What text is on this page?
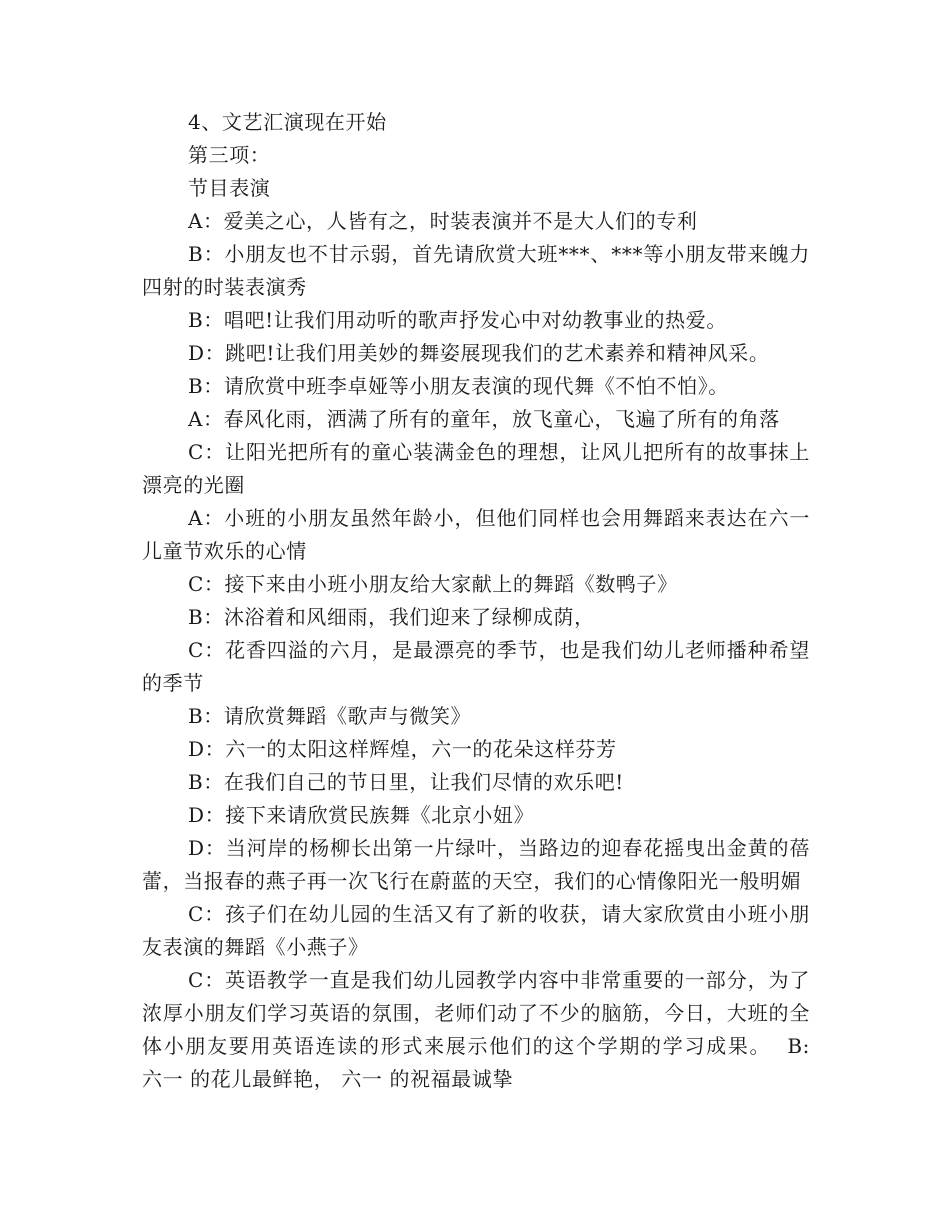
4、文艺汇演现在开始

第三项：

节目表演

A：爱美之心，人皆有之，时装表演并不是大人们的专利

B：小朋友也不甘示弱，首先请欣赏大班***、***等小朋友带来魄力四射的时装表演秀

B：唱吧!让我们用动听的歌声抒发心中对幼教事业的热爱。

D：跳吧!让我们用美妙的舞姿展现我们的艺术素养和精神风采。

B：请欣赏中班李卓娅等小朋友表演的现代舞《不怕不怕》。

A：春风化雨，洒满了所有的童年，放飞童心，飞遍了所有的角落

C：让阳光把所有的童心装满金色的理想，让风儿把所有的故事抹上漂亮的光圈

A：小班的小朋友虽然年龄小，但他们同样也会用舞蹈来表达在六一儿童节欢乐的心情

C：接下来由小班小朋友给大家献上的舞蹈《数鸭子》

B：沐浴着和风细雨，我们迎来了绿柳成荫，

C：花香四溢的六月，是最漂亮的季节，也是我们幼儿老师播种希望的季节

B：请欣赏舞蹈《歌声与微笑》

D：六一的太阳这样辉煌，六一的花朵这样芬芳

B：在我们自己的节日里，让我们尽情的欢乐吧!

D：接下来请欣赏民族舞《北京小妞》

D：当河岸的杨柳长出第一片绿叶，当路边的迎春花摇曳出金黄的蓓蕾，当报春的燕子再一次飞行在蔚蓝的天空，我们的心情像阳光一般明媚

C：孩子们在幼儿园的生活又有了新的收获，请大家欣赏由小班小朋友表演的舞蹈《小燕子》

C：英语教学一直是我们幼儿园教学内容中非常重要的一部分，为了浓厚小朋友们学习英语的氛围，老师们动了不少的脑筋，今日，大班的全体小朋友要用英语连读的形式来展示他们的这个学期的学习成果。  B:  六一 的花儿最鲜艳， 六一 的祝福最诚挚
